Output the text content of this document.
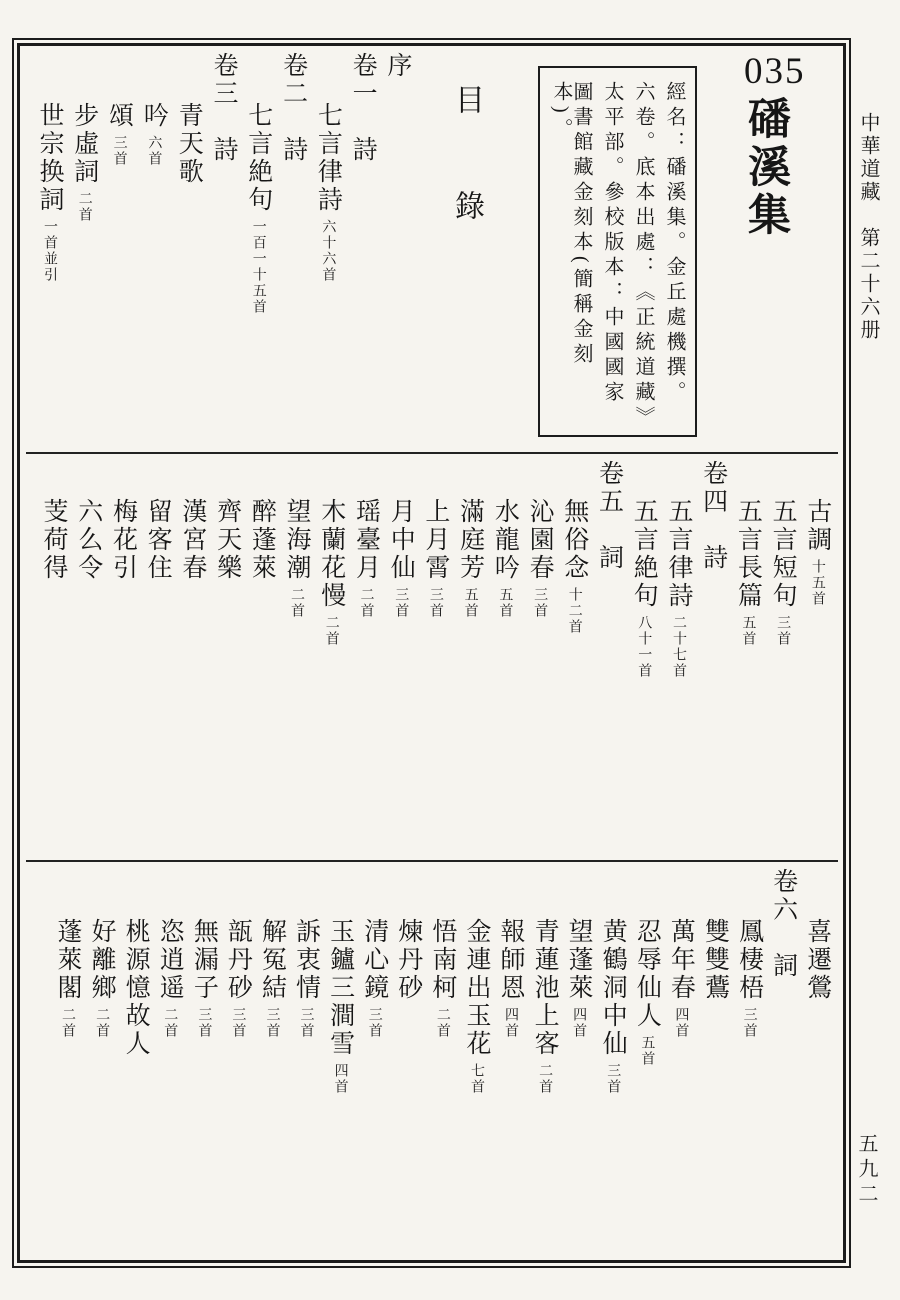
中華道藏　第二十六册
五九二
035
磻溪集
經名：磻溪集。金丘處機撰。
六卷。底本出處：《正統道藏》
太平部。參校版本：中國國家
圖書館藏金刻本(簡稱金刻本)。
目　錄
序
卷一　詩
七言律詩六十六首
卷二　詩
七言絶句一百一十五首
卷三　詩
青天歌
吟六首
頌三首
步虛詞二首
世宗换詞一首並引
古調十五首
五言短句三首
五言長篇五首
卷四　詩
五言律詩二十七首
五言絶句八十一首
卷五　詞
無俗念十二首
沁園春三首
水龍吟五首
滿庭芳五首
上月霄三首
月中仙三首
瑶臺月二首
木蘭花慢二首
望海潮二首
醉蓬萊
齊天樂
漢宮春
留客住
梅花引
六么令
芰荷得
喜遷鶯
卷六　詞
鳳棲梧三首
雙雙鷰
萬年春四首
忍辱仙人五首
黄鶴洞中仙三首
望蓬萊四首
青蓮池上客二首
報師恩四首
金連出玉花七首
悟南柯二首
煉丹砂
清心鏡三首
玉鑪三澗雪四首
訴衷情三首
解冤結三首
瓿丹砂三首
無漏子三首
恣逍遥二首
桃源憶故人
好離鄉二首
蓬萊閣二首
